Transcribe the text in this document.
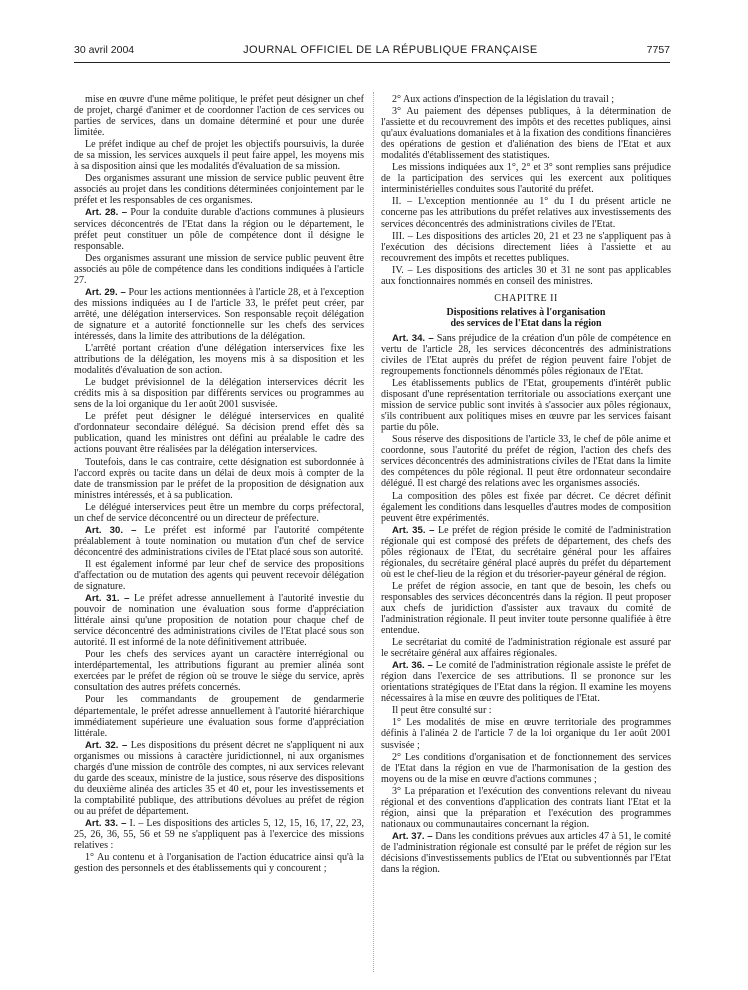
30 avril 2004	JOURNAL OFFICIEL DE LA RÉPUBLIQUE FRANÇAISE	7757

mise en œuvre d'une même politique, le préfet peut désigner un chef de projet, chargé d'animer et de coordonner l'action de ces services ou parties de services, dans un domaine déterminé et pour une durée limitée.

Le préfet indique au chef de projet les objectifs poursuivis, la durée de sa mission, les services auxquels il peut faire appel, les moyens mis à sa disposition ainsi que les modalités d'évaluation de sa mission.

Des organismes assurant une mission de service public peuvent être associés au projet dans les conditions déterminées conjointement par le préfet et les responsables de ces organismes.

Art. 28. – Pour la conduite durable d'actions communes à plusieurs services déconcentrés de l'Etat dans la région ou le département, le préfet peut constituer un pôle de compétence dont il désigne le responsable.

Des organismes assurant une mission de service public peuvent être associés au pôle de compétence dans les conditions indiquées à l'article 27.

Art. 29. – Pour les actions mentionnées à l'article 28, et à l'exception des missions indiquées au I de l'article 33, le préfet peut créer, par arrêté, une délégation interservices. Son responsable reçoit délégation de signature et a autorité fonctionnelle sur les chefs des services intéressés, dans la limite des attributions de la délégation.

L'arrêté portant création d'une délégation interservices fixe les attributions de la délégation, les moyens mis à sa disposition et les modalités d'évaluation de son action.

Le budget prévisionnel de la délégation interservices décrit les crédits mis à sa disposition par différents services ou programmes au sens de la loi organique du 1er août 2001 susvisée.

Le préfet peut désigner le délégué interservices en qualité d'ordonnateur secondaire délégué. Sa décision prend effet dès sa publication, quand les ministres ont défini au préalable le cadre des actions pouvant être réalisées par la délégation interservices.

Toutefois, dans le cas contraire, cette désignation est subordonnée à l'accord exprès ou tacite dans un délai de deux mois à compter de la date de transmission par le préfet de la proposition de désignation aux ministres intéressés, et à sa publication.

Le délégué interservices peut être un membre du corps préfectoral, un chef de service déconcentré ou un directeur de préfecture.

Art. 30. – Le préfet est informé par l'autorité compétente préalablement à toute nomination ou mutation d'un chef de service déconcentré des administrations civiles de l'Etat placé sous son autorité.

Il est également informé par leur chef de service des propositions d'affectation ou de mutation des agents qui peuvent recevoir délégation de signature.

Art. 31. – Le préfet adresse annuellement à l'autorité investie du pouvoir de nomination une évaluation sous forme d'appréciation littérale ainsi qu'une proposition de notation pour chaque chef de service déconcentré des administrations civiles de l'Etat placé sous son autorité. Il est informé de la note définitivement attribuée.

Pour les chefs des services ayant un caractère interrégional ou interdépartemental, les attributions figurant au premier alinéa sont exercées par le préfet de région où se trouve le siège du service, après consultation des autres préfets concernés.

Pour les commandants de groupement de gendarmerie départementale, le préfet adresse annuellement à l'autorité hiérarchique immédiatement supérieure une évaluation sous forme d'appréciation littérale.

Art. 32. – Les dispositions du présent décret ne s'appliquent ni aux organismes ou missions à caractère juridictionnel, ni aux organismes chargés d'une mission de contrôle des comptes, ni aux services relevant du garde des sceaux, ministre de la justice, sous réserve des dispositions du deuxième alinéa des articles 35 et 40 et, pour les investissements et la comptabilité publique, des attributions dévolues au préfet de région ou au préfet de département.

Art. 33. – I. – Les dispositions des articles 5, 12, 15, 16, 17, 22, 23, 25, 26, 36, 55, 56 et 59 ne s'appliquent pas à l'exercice des missions relatives :

1° Au contenu et à l'organisation de l'action éducatrice ainsi qu'à la gestion des personnels et des établissements qui y concourent ;

2° Aux actions d'inspection de la législation du travail ;

3° Au paiement des dépenses publiques, à la détermination de l'assiette et du recouvrement des impôts et des recettes publiques, ainsi qu'aux évaluations domaniales et à la fixation des conditions financières des opérations de gestion et d'aliénation des biens de l'Etat et aux modalités d'établissement des statistiques.

Les missions indiquées aux 1°, 2° et 3° sont remplies sans préjudice de la participation des services qui les exercent aux politiques interministérielles conduites sous l'autorité du préfet.

II. – L'exception mentionnée au 1° du I du présent article ne concerne pas les attributions du préfet relatives aux investissements des services déconcentrés des administrations civiles de l'Etat.

III. – Les dispositions des articles 20, 21 et 23 ne s'appliquent pas à l'exécution des décisions directement liées à l'assiette et au recouvrement des impôts et recettes publiques.

IV. – Les dispositions des articles 30 et 31 ne sont pas applicables aux fonctionnaires nommés en conseil des ministres.

CHAPITRE II
Dispositions relatives à l'organisation
des services de l'Etat dans la région

Art. 34. – Sans préjudice de la création d'un pôle de compétence en vertu de l'article 28, les services déconcentrés des administrations civiles de l'Etat auprès du préfet de région peuvent faire l'objet de regroupements fonctionnels dénommés pôles régionaux de l'Etat.

Les établissements publics de l'Etat, groupements d'intérêt public disposant d'une représentation territoriale ou associations exerçant une mission de service public sont invités à s'associer aux pôles régionaux, s'ils contribuent aux politiques mises en œuvre par les services faisant partie du pôle.

Sous réserve des dispositions de l'article 33, le chef de pôle anime et coordonne, sous l'autorité du préfet de région, l'action des chefs des services déconcentrés des administrations civiles de l'Etat dans la limite des compétences du pôle régional. Il peut être ordonnateur secondaire délégué. Il est chargé des relations avec les organismes associés.

La composition des pôles est fixée par décret. Ce décret définit également les conditions dans lesquelles d'autres modes de composition peuvent être expérimentés.

Art. 35. – Le préfet de région préside le comité de l'administration régionale qui est composé des préfets de département, des chefs des pôles régionaux de l'Etat, du secrétaire général pour les affaires régionales, du secrétaire général placé auprès du préfet du département où est le chef-lieu de la région et du trésorier-payeur général de région.

Le préfet de région associe, en tant que de besoin, les chefs ou responsables des services déconcentrés dans la région. Il peut proposer aux chefs de juridiction d'assister aux travaux du comité de l'administration régionale. Il peut inviter toute personne qualifiée à être entendue.

Le secrétariat du comité de l'administration régionale est assuré par le secrétaire général aux affaires régionales.

Art. 36. – Le comité de l'administration régionale assiste le préfet de région dans l'exercice de ses attributions. Il se prononce sur les orientations stratégiques de l'Etat dans la région. Il examine les moyens nécessaires à la mise en œuvre des politiques de l'Etat.

Il peut être consulté sur :

1° Les modalités de mise en œuvre territoriale des programmes définis à l'alinéa 2 de l'article 7 de la loi organique du 1er août 2001 susvisée ;

2° Les conditions d'organisation et de fonctionnement des services de l'Etat dans la région en vue de l'harmonisation de la gestion des moyens ou de la mise en œuvre d'actions communes ;

3° La préparation et l'exécution des conventions relevant du niveau régional et des conventions d'application des contrats liant l'Etat et la région, ainsi que la préparation et l'exécution des programmes nationaux ou communautaires concernant la région.

Art. 37. – Dans les conditions prévues aux articles 47 à 51, le comité de l'administration régionale est consulté par le préfet de région sur les décisions d'investissements publics de l'Etat ou subventionnés par l'Etat dans la région.
